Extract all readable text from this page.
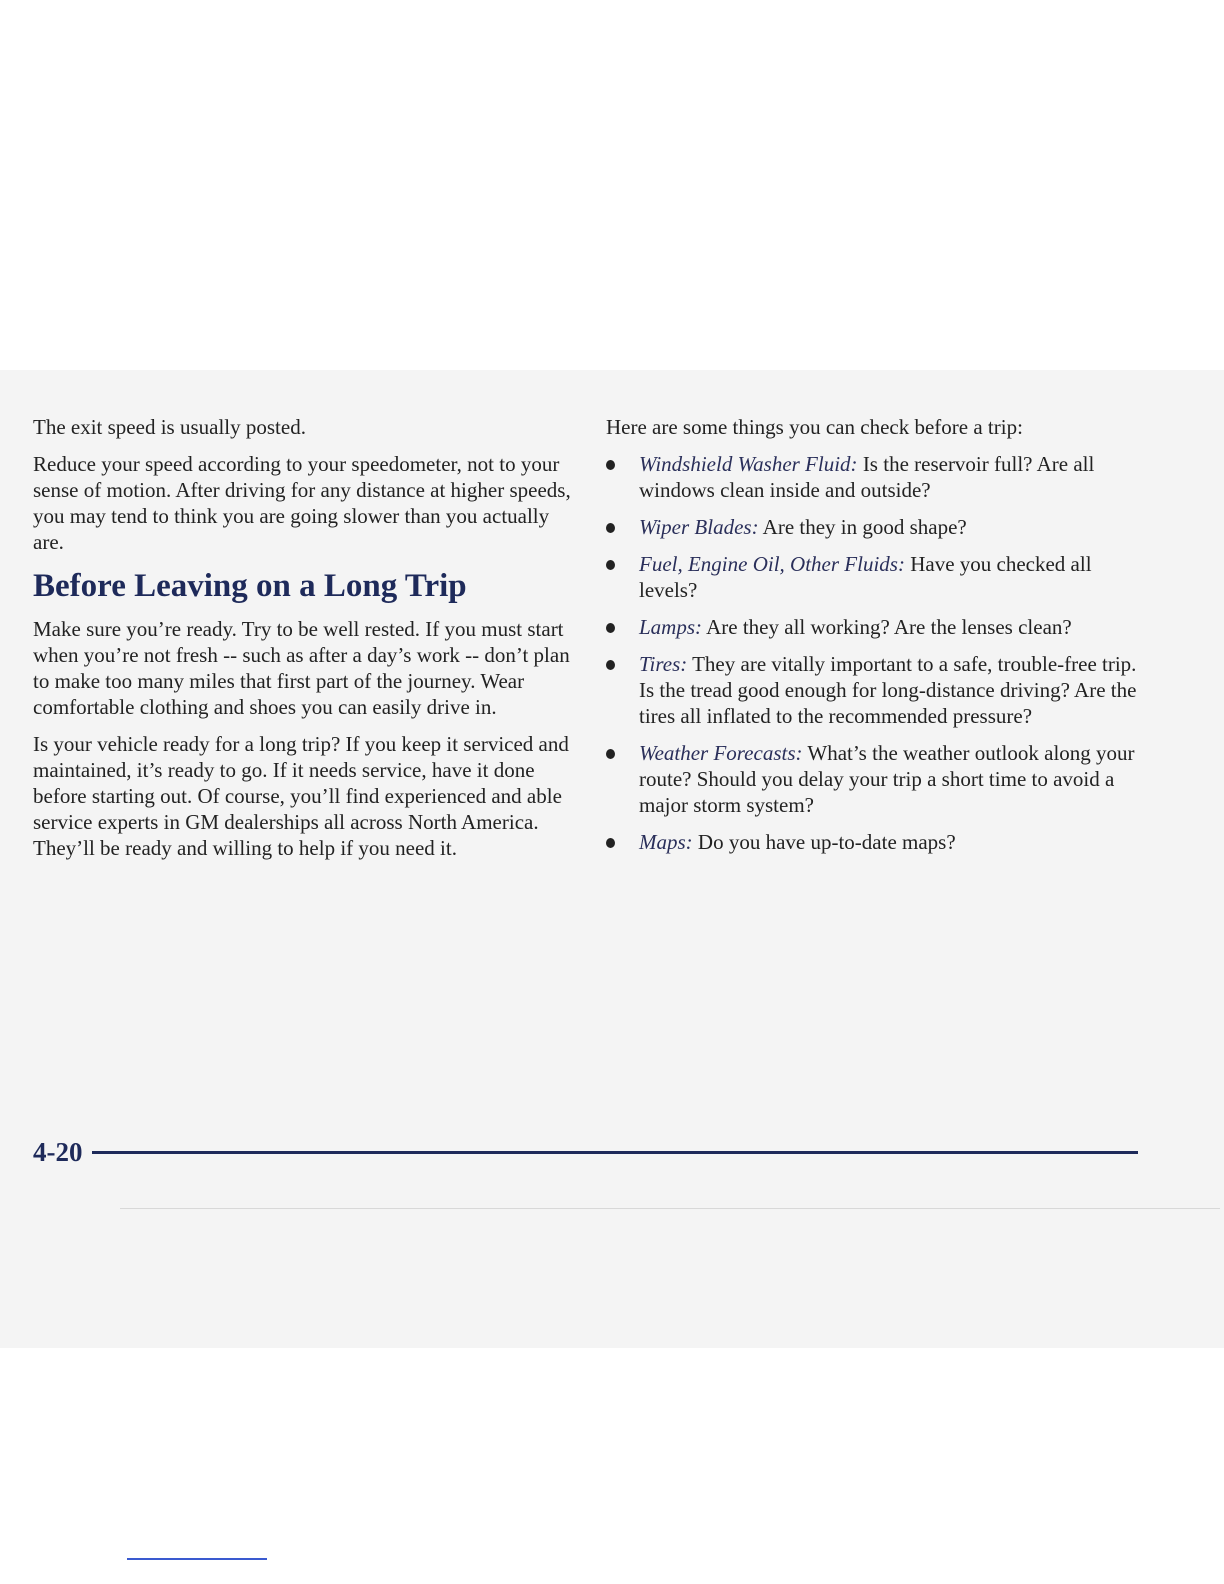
The exit speed is usually posted.

Reduce your speed according to your speedometer, not to your sense of motion. After driving for any distance at higher speeds, you may tend to think you are going slower than you actually are.

Before Leaving on a Long Trip

Make sure you’re ready. Try to be well rested. If you must start when you’re not fresh -- such as after a day’s work -- don’t plan to make too many miles that first part of the journey. Wear comfortable clothing and shoes you can easily drive in.

Is your vehicle ready for a long trip? If you keep it serviced and maintained, it’s ready to go. If it needs service, have it done before starting out. Of course, you’ll find experienced and able service experts in GM dealerships all across North America. They’ll be ready and willing to help if you need it.

Here are some things you can check before a trip:

Windshield Washer Fluid: Is the reservoir full? Are all windows clean inside and outside?
Wiper Blades: Are they in good shape?
Fuel, Engine Oil, Other Fluids: Have you checked all levels?
Lamps: Are they all working? Are the lenses clean?
Tires: They are vitally important to a safe, trouble-free trip. Is the tread good enough for long-distance driving? Are the tires all inflated to the recommended pressure?
Weather Forecasts: What’s the weather outlook along your route? Should you delay your trip a short time to avoid a major storm system?
Maps: Do you have up-to-date maps?
4-20
